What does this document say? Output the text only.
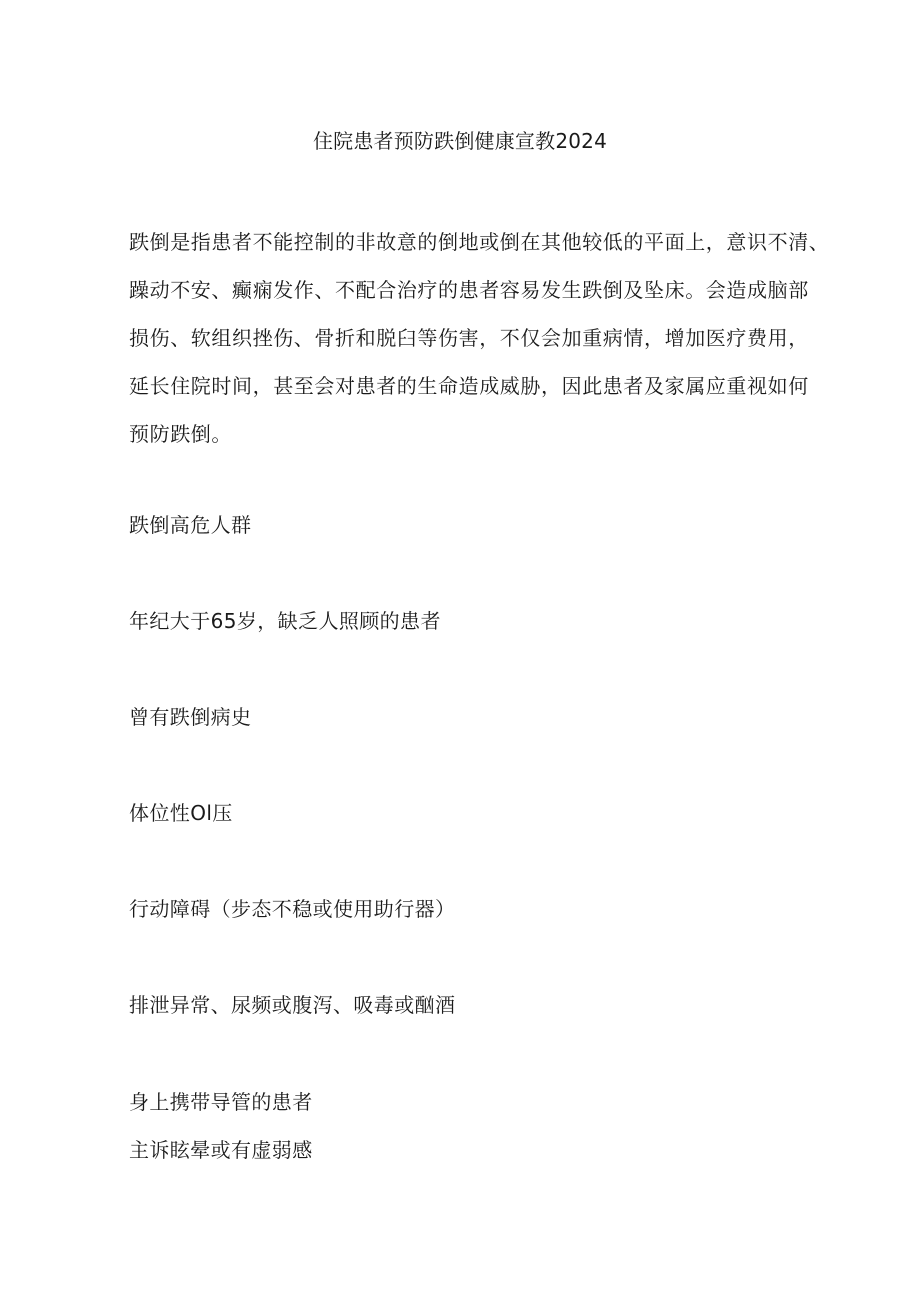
住院患者预防跌倒健康宣教2024
跌倒是指患者不能控制的非故意的倒地或倒在其他较低的平面上，意识不清、
躁动不安、癫痫发作、不配合治疗的患者容易发生跌倒及坠床。会造成脑部
损伤、软组织挫伤、骨折和脱臼等伤害，不仅会加重病情，增加医疗费用，
延长住院时间，甚至会对患者的生命造成威胁，因此患者及家属应重视如何
预防跌倒。
跌倒高危人群
年纪大于65岁，缺乏人照顾的患者
曾有跌倒病史
体位性Ol压
行动障碍（步态不稳或使用助行器）
排泄异常、尿频或腹泻、吸毒或酗酒
身上携带导管的患者
主诉眩晕或有虚弱感
